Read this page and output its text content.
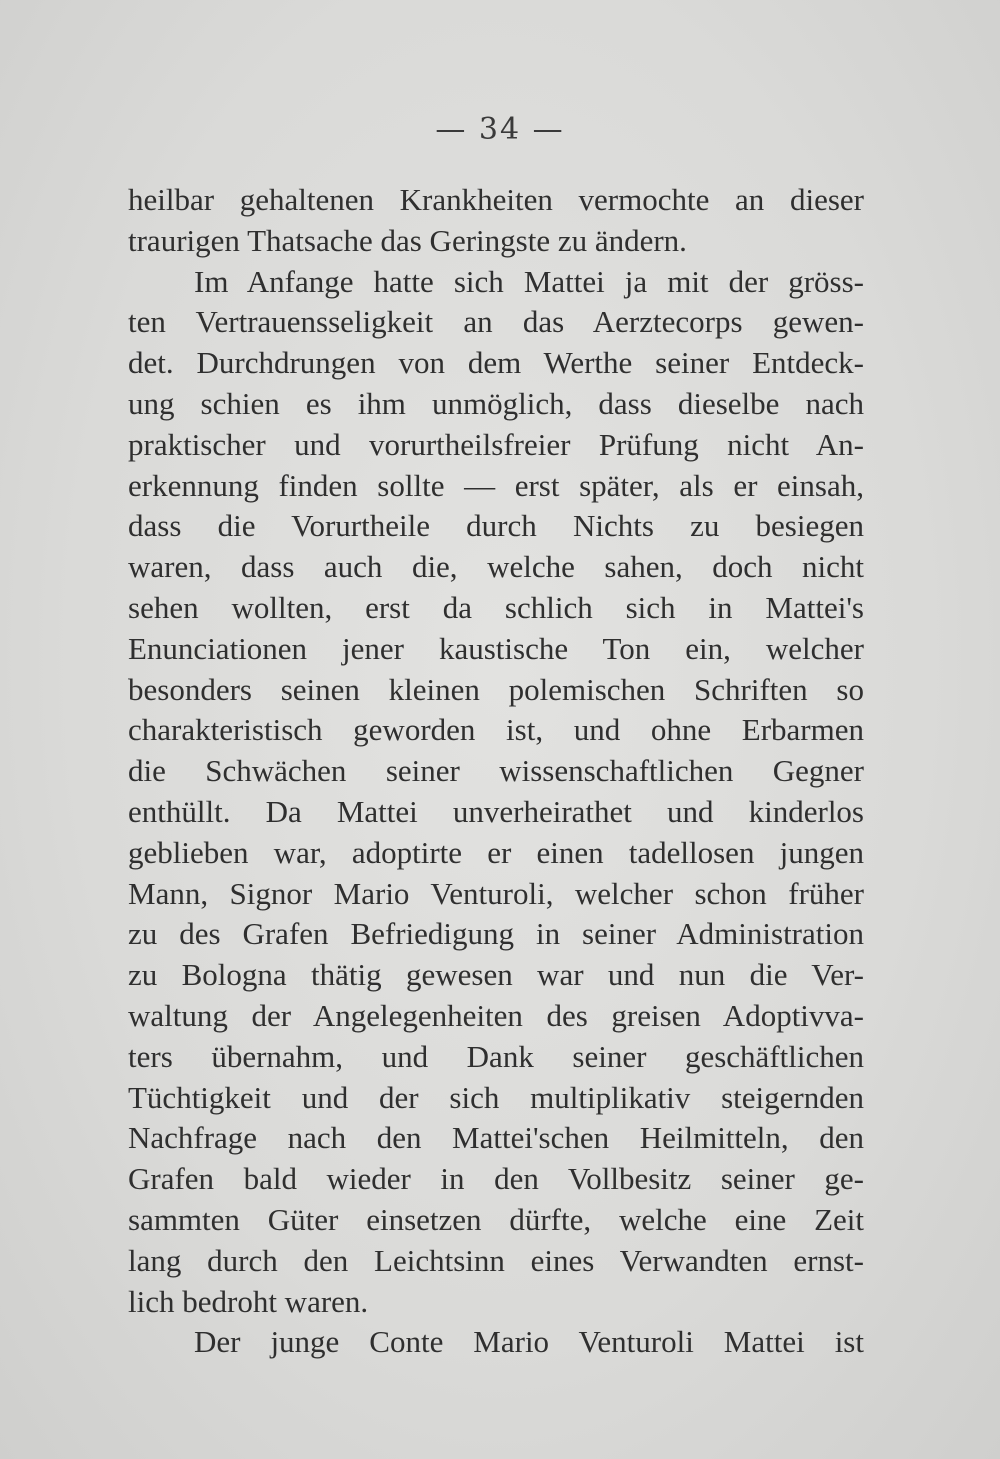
— 34 —
heilbar gehaltenen Krankheiten vermochte an dieser
traurigen Thatsache das Geringste zu ändern.
Im Anfange hatte sich Mattei ja mit der gröss-
ten Vertrauensseligkeit an das Aerztecorps gewen-
det. Durchdrungen von dem Werthe seiner Entdeck-
ung schien es ihm unmöglich, dass dieselbe nach
praktischer und vorurtheilsfreier Prüfung nicht An-
erkennung finden sollte — erst später, als er einsah,
dass die Vorurtheile durch Nichts zu besiegen
waren, dass auch die, welche sahen, doch nicht
sehen wollten, erst da schlich sich in Mattei's
Enunciationen jener kaustische Ton ein, welcher
besonders seinen kleinen polemischen Schriften so
charakteristisch geworden ist, und ohne Erbarmen
die Schwächen seiner wissenschaftlichen Gegner
enthüllt. Da Mattei unverheirathet und kinderlos
geblieben war, adoptirte er einen tadellosen jungen
Mann, Signor Mario Venturoli, welcher schon früher
zu des Grafen Befriedigung in seiner Administration
zu Bologna thätig gewesen war und nun die Ver-
waltung der Angelegenheiten des greisen Adoptivva-
ters übernahm, und Dank seiner geschäftlichen
Tüchtigkeit und der sich multiplikativ steigernden
Nachfrage nach den Mattei'schen Heilmitteln, den
Grafen bald wieder in den Vollbesitz seiner ge-
sammten Güter einsetzen dürfte, welche eine Zeit
lang durch den Leichtsinn eines Verwandten ernst-
lich bedroht waren.
Der junge Conte Mario Venturoli Mattei ist
